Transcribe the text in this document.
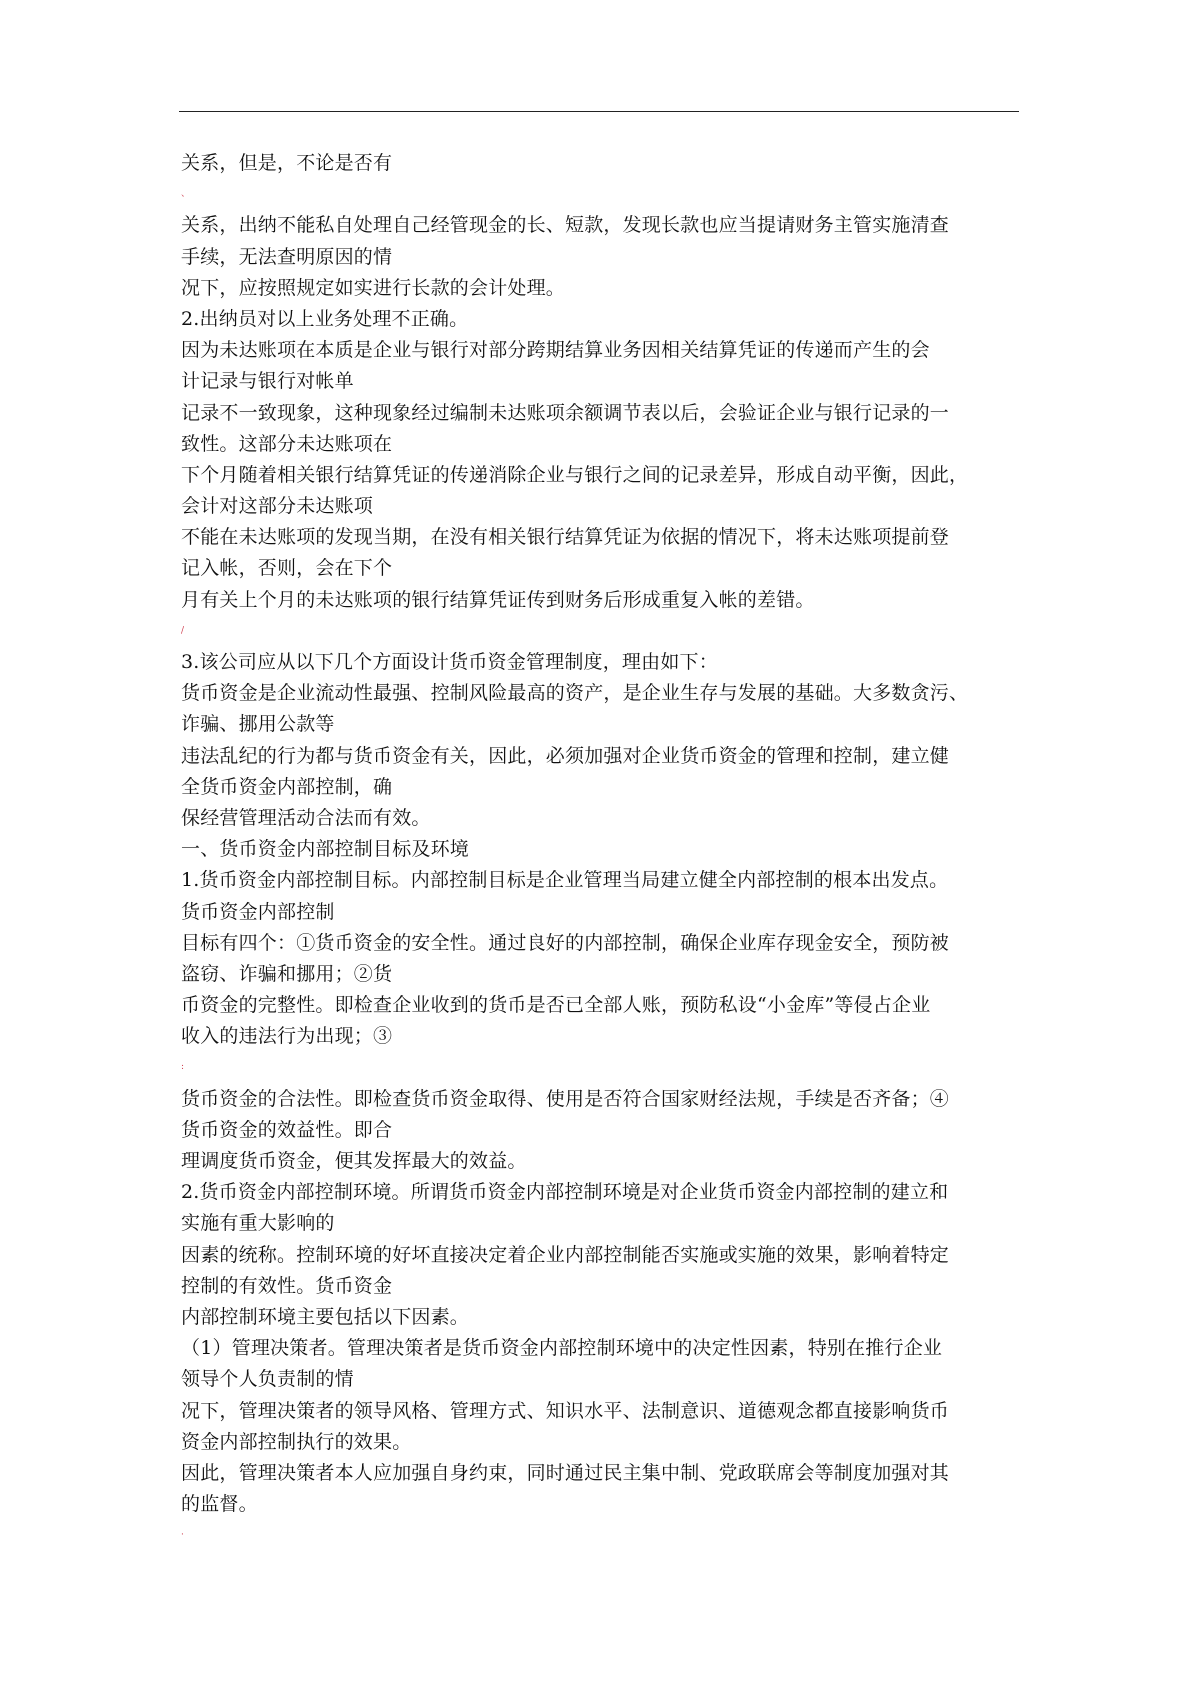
关系，但是，不论是否有
、
关系，出纳不能私自处理自己经管现金的长、短款，发现长款也应当提请财务主管实施清查
手续，无法查明原因的情
况下，应按照规定如实进行长款的会计处理。
2.出纳员对以上业务处理不正确。
因为未达账项在本质是企业与银行对部分跨期结算业务因相关结算凭证的传递而产生的会
计记录与银行对帐单
记录不一致现象，这种现象经过编制未达账项余额调节表以后，会验证企业与银行记录的一
致性。这部分未达账项在
下个月随着相关银行结算凭证的传递消除企业与银行之间的记录差异，形成自动平衡，因此，
会计对这部分未达账项
不能在未达账项的发现当期，在没有相关银行结算凭证为依据的情况下，将未达账项提前登
记入帐，否则，会在下个
月有关上个月的未达账项的银行结算凭证传到财务后形成重复入帐的差错。
/
3.该公司应从以下几个方面设计货币资金管理制度，理由如下：
货币资金是企业流动性最强、控制风险最高的资产，是企业生存与发展的基础。大多数贪污、
诈骗、挪用公款等
违法乱纪的行为都与货币资金有关，因此，必须加强对企业货币资金的管理和控制，建立健
全货币资金内部控制，确
保经营管理活动合法而有效。
一、货币资金内部控制目标及环境
1.货币资金内部控制目标。内部控制目标是企业管理当局建立健全内部控制的根本出发点。
货币资金内部控制
目标有四个：①货币资金的安全性。通过良好的内部控制，确保企业库存现金安全，预防被
盗窃、诈骗和挪用；②货
币资金的完整性。即检查企业收到的货币是否已全部人账，预防私设“小金库”等侵占企业
收入的违法行为出现；③
:
货币资金的合法性。即检查货币资金取得、使用是否符合国家财经法规，手续是否齐备；④
货币资金的效益性。即合
理调度货币资金，便其发挥最大的效益。
2.货币资金内部控制环境。所谓货币资金内部控制环境是对企业货币资金内部控制的建立和
实施有重大影响的
因素的统称。控制环境的好坏直接决定着企业内部控制能否实施或实施的效果，影响着特定
控制的有效性。货币资金
内部控制环境主要包括以下因素。
（1）管理决策者。管理决策者是货币资金内部控制环境中的决定性因素，特别在推行企业
领导个人负责制的情
况下，管理决策者的领导风格、管理方式、知识水平、法制意识、道德观念都直接影响货币
资金内部控制执行的效果。
因此，管理决策者本人应加强自身约束，同时通过民主集中制、党政联席会等制度加强对其
的监督。
·
